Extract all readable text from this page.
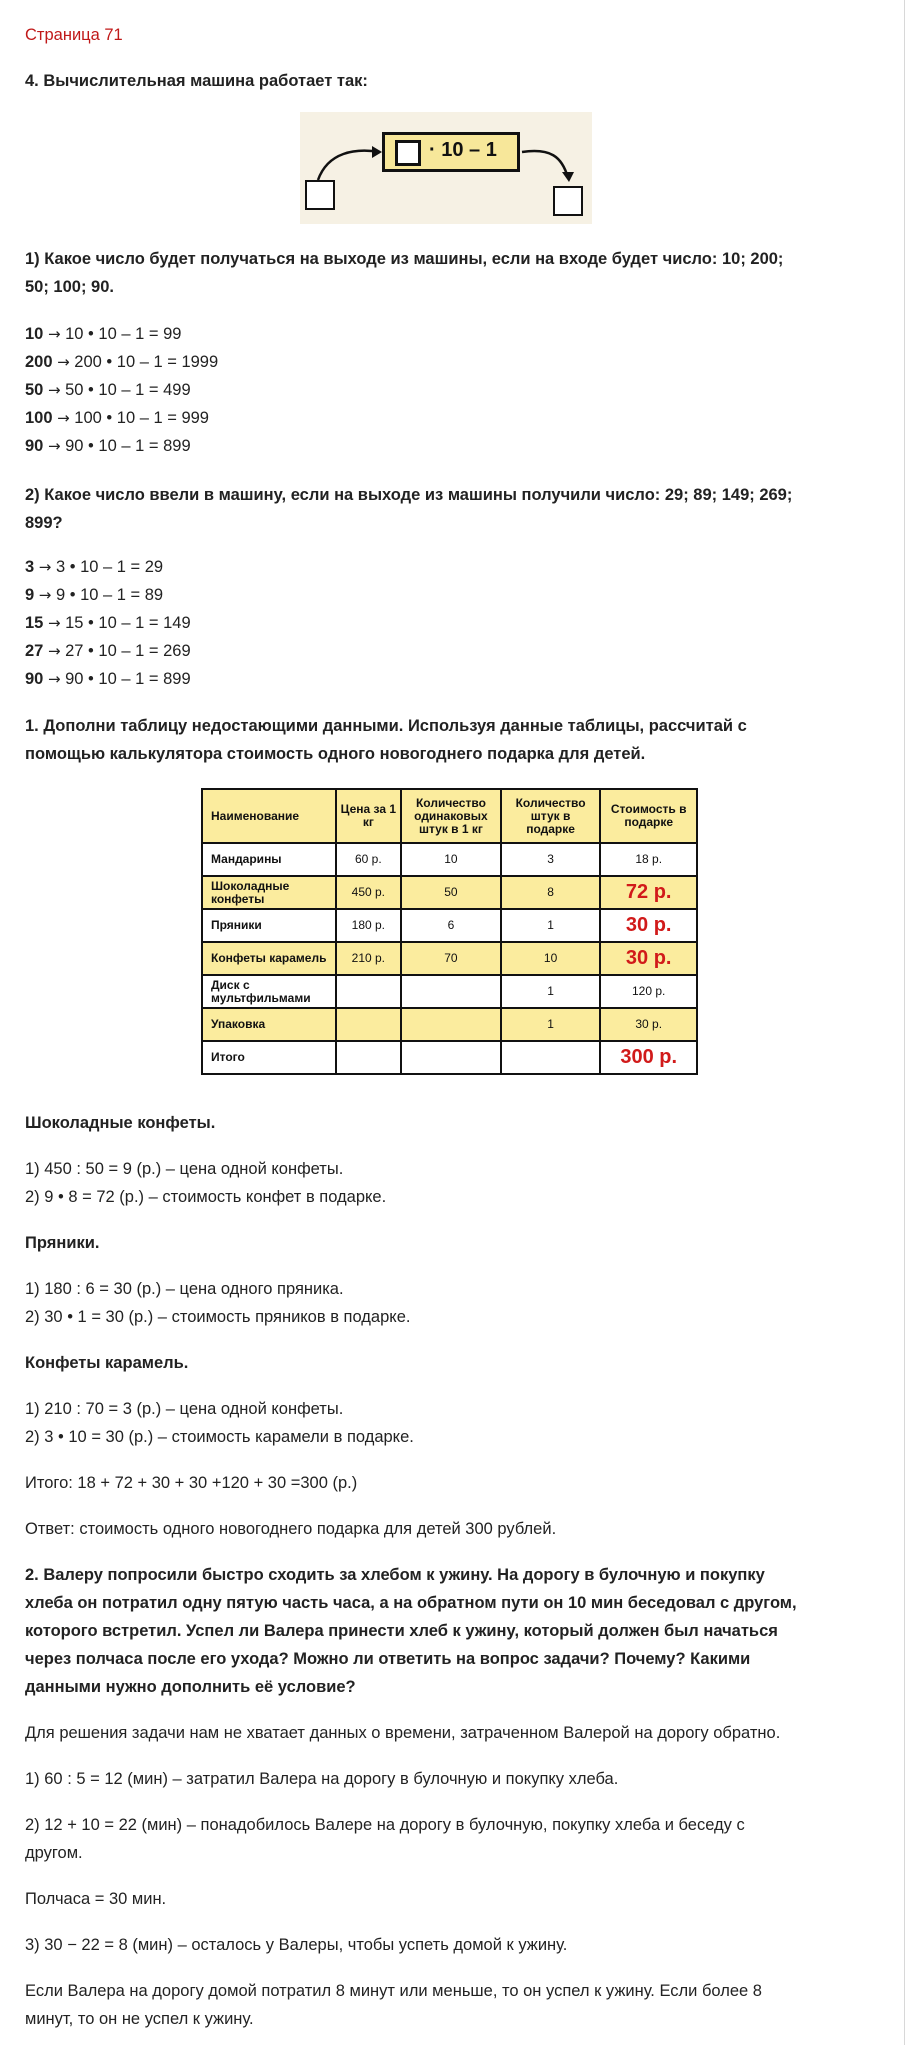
Страница 71
4. Вычислительная машина работает так:
· 10 – 1
1) Какое число будет получаться на выходе из машины, если на входе будет число: 10; 200;
50; 100; 90.
10 → 10 • 10 – 1 = 99
200 → 200 • 10 – 1 = 1999
50 → 50 • 10 – 1 = 499
100 → 100 • 10 – 1 = 999
90 → 90 • 10 – 1 = 899
2) Какое число ввели в машину, если на выходе из машины получили число: 29; 89; 149; 269;
899?
3 → 3 • 10 – 1 = 29
9 → 9 • 10 – 1 = 89
15 → 15 • 10 – 1 = 149
27 → 27 • 10 – 1 = 269
90 → 90 • 10 – 1 = 899
1. Дополни таблицу недостающими данными. Используя данные таблицы, рассчитай с
помощью калькулятора стоимость одного новогоднего подарка для детей.
Наименование	Цена за 1 кг	Количество одинаковых штук в 1 кг	Количество штук в подарке	Стоимость в подарке
Мандарины	60 р.	10	3	18 р.
Шоколадные конфеты	450 р.	50	8	72 р.
Пряники	180 р.	6	1	30 р.
Конфеты карамель	210 р.	70	10	30 р.
Диск с мультфильмами			1	120 р.
Упаковка			1	30 р.
Итого				300 р.
Шоколадные конфеты.
1) 450 : 50 = 9 (р.) – цена одной конфеты.
2) 9 • 8 = 72 (р.) – стоимость конфет в подарке.
Пряники.
1) 180 : 6 = 30 (р.) – цена одного пряника.
2) 30 • 1 = 30 (р.) – стоимость пряников в подарке.
Конфеты карамель.
1) 210 : 70 = 3 (р.) – цена одной конфеты.
2) 3 • 10 = 30 (р.) – стоимость карамели в подарке.
Итого: 18 + 72 + 30 + 30 +120 + 30 =300 (р.)
Ответ: стоимость одного новогоднего подарка для детей 300 рублей.
2. Валеру попросили быстро сходить за хлебом к ужину. На дорогу в булочную и покупку
хлеба он потратил одну пятую часть часа, а на обратном пути он 10 мин беседовал с другом,
которого встретил. Успел ли Валера принести хлеб к ужину, который должен был начаться
через полчаса после его ухода? Можно ли ответить на вопрос задачи? Почему? Какими
данными нужно дополнить её условие?
Для решения задачи нам не хватает данных о времени, затраченном Валерой на дорогу обратно.
1) 60 : 5 = 12 (мин) – затратил Валера на дорогу в булочную и покупку хлеба.
2) 12 + 10 = 22 (мин) – понадобилось Валере на дорогу в булочную, покупку хлеба и беседу с
другом.
Полчаса = 30 мин.
3) 30 − 22 = 8 (мин) – осталось у Валеры, чтобы успеть домой к ужину.
Если Валера на дорогу домой потратил 8 минут или меньше, то он успел к ужину. Если более 8
минут, то он не успел к ужину.
